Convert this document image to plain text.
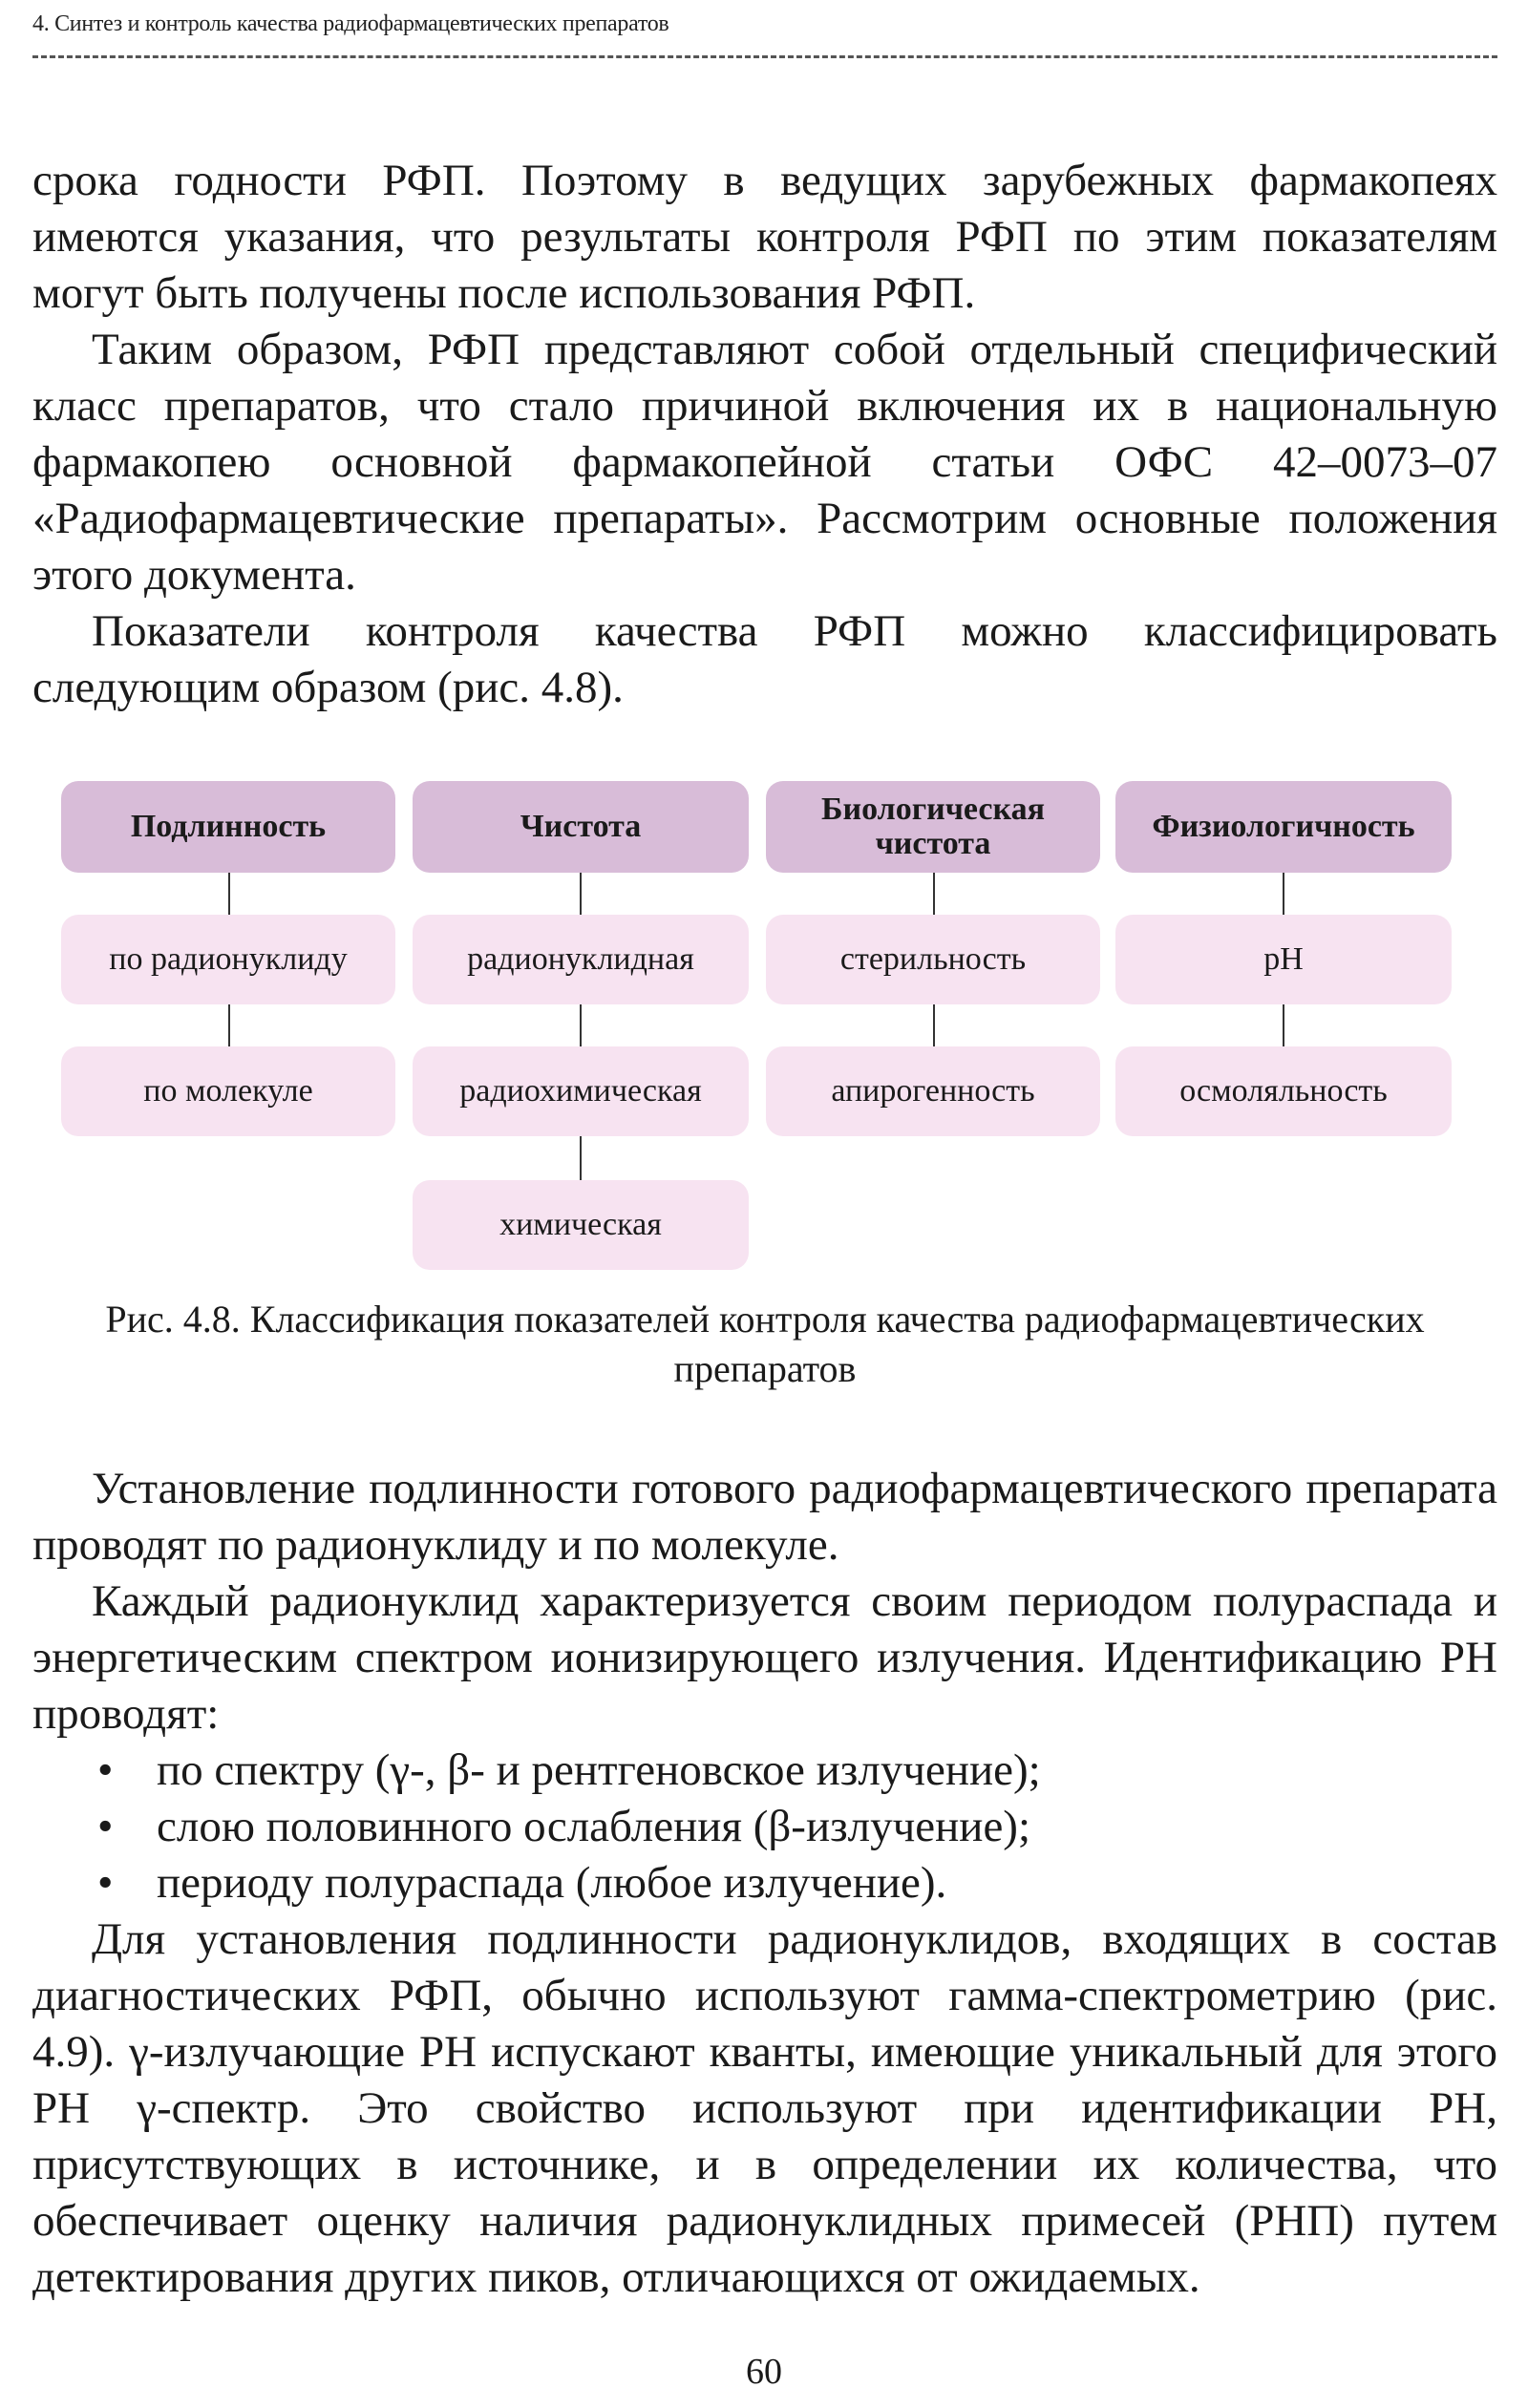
4. Синтез и контроль качества радиофармацевтических препаратов

срока годности РФП. Поэтому в ведущих зарубежных фармакопеях имеются указания, что результаты контроля РФП по этим показателям могут быть получены после использования РФП.

Таким образом, РФП представляют собой отдельный специфический класс препаратов, что стало причиной включения их в национальную фармакопею основной фармакопейной статьи ОФС 42–0073–07 «Радиофармацевтические препараты». Рассмотрим основные положения этого документа.

Показатели контроля качества РФП можно классифицировать следующим образом (рис. 4.8).

Подлинность
по радионуклиду
по молекуле
Чистота
радионуклидная
радиохимическая
химическая
Биологическая чистота
стерильность
апирогенность
Физиологичность
pH
осмоляльность
Рис. 4.8. Классификация показателей контроля качества радиофармацевтических препаратов

Установление подлинности готового радиофармацевтического препарата проводят по радионуклиду и по молекуле.

Каждый радионуклид характеризуется своим периодом полураспада и энергетическим спектром ионизирующего излучения. Идентификацию РН проводят:

• по спектру (γ-, β- и рентгеновское излучение);
• слою половинного ослабления (β-излучение);
• периоду полураспада (любое излучение).

Для установления подлинности радионуклидов, входящих в состав диагностических РФП, обычно используют гамма-спектрометрию (рис. 4.9). γ-излучающие РН испускают кванты, имеющие уникальный для этого РН γ-спектр. Это свойство используют при идентификации РН, присутствующих в источнике, и в определении их количества, что обеспечивает оценку наличия радионуклидных примесей (РНП) путем детектирования других пиков, отличающихся от ожидаемых.

60
